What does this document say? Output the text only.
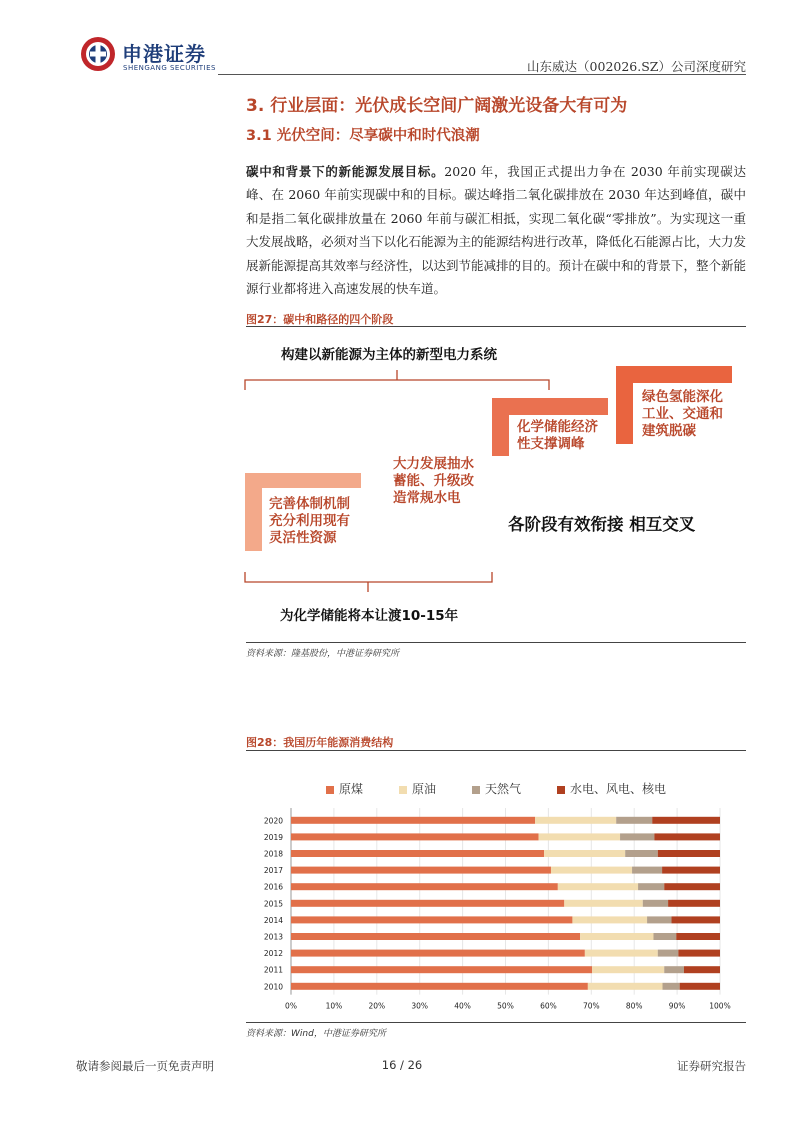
申港证券
SHENGANG SECURITIES	山东威达（002026.SZ）公司深度研究
3. 行业层面：光伏成长空间广阔激光设备大有可为
3.1 光伏空间：尽享碳中和时代浪潮
碳中和背景下的新能源发展目标。2020 年，我国正式提出力争在 2030 年前实现碳达峰、在 2060 年前实现碳中和的目标。碳达峰指二氧化碳排放在 2030 年达到峰值，碳中和是指二氧化碳排放量在 2060 年前与碳汇相抵，实现二氧化碳“零排放”。为实现这一重大发展战略，必须对当下以化石能源为主的能源结构进行改革，降低化石能源占比，大力发展新能源提高其效率与经济性，以达到节能减排的目的。预计在碳中和的背景下，整个新能源行业都将进入高速发展的快车道。
图27：碳中和路径的四个阶段
构建以新能源为主体的新型电力系统
完善体制机制充分利用现有灵活性资源
大力发展抽水蓄能、升级改造常规水电
化学储能经济性支撑调峰
绿色氢能深化工业、交通和建筑脱碳
各阶段有效衔接 相互交叉
为化学储能将本让渡10-15年
资料来源：隆基股份，中港证券研究所
图28：我国历年能源消费结构
原煤	原油	天然气	水电、风电、核电
0%	10%	20%	30%	40%	50%	60%	70%	80%	90%	100%
2020
2019
2018
2017
2016
2015
2014
2013
2012
2011
2010
资料来源：Wind，中港证券研究所
敬请参阅最后一页免责声明	16 / 26	证券研究报告
